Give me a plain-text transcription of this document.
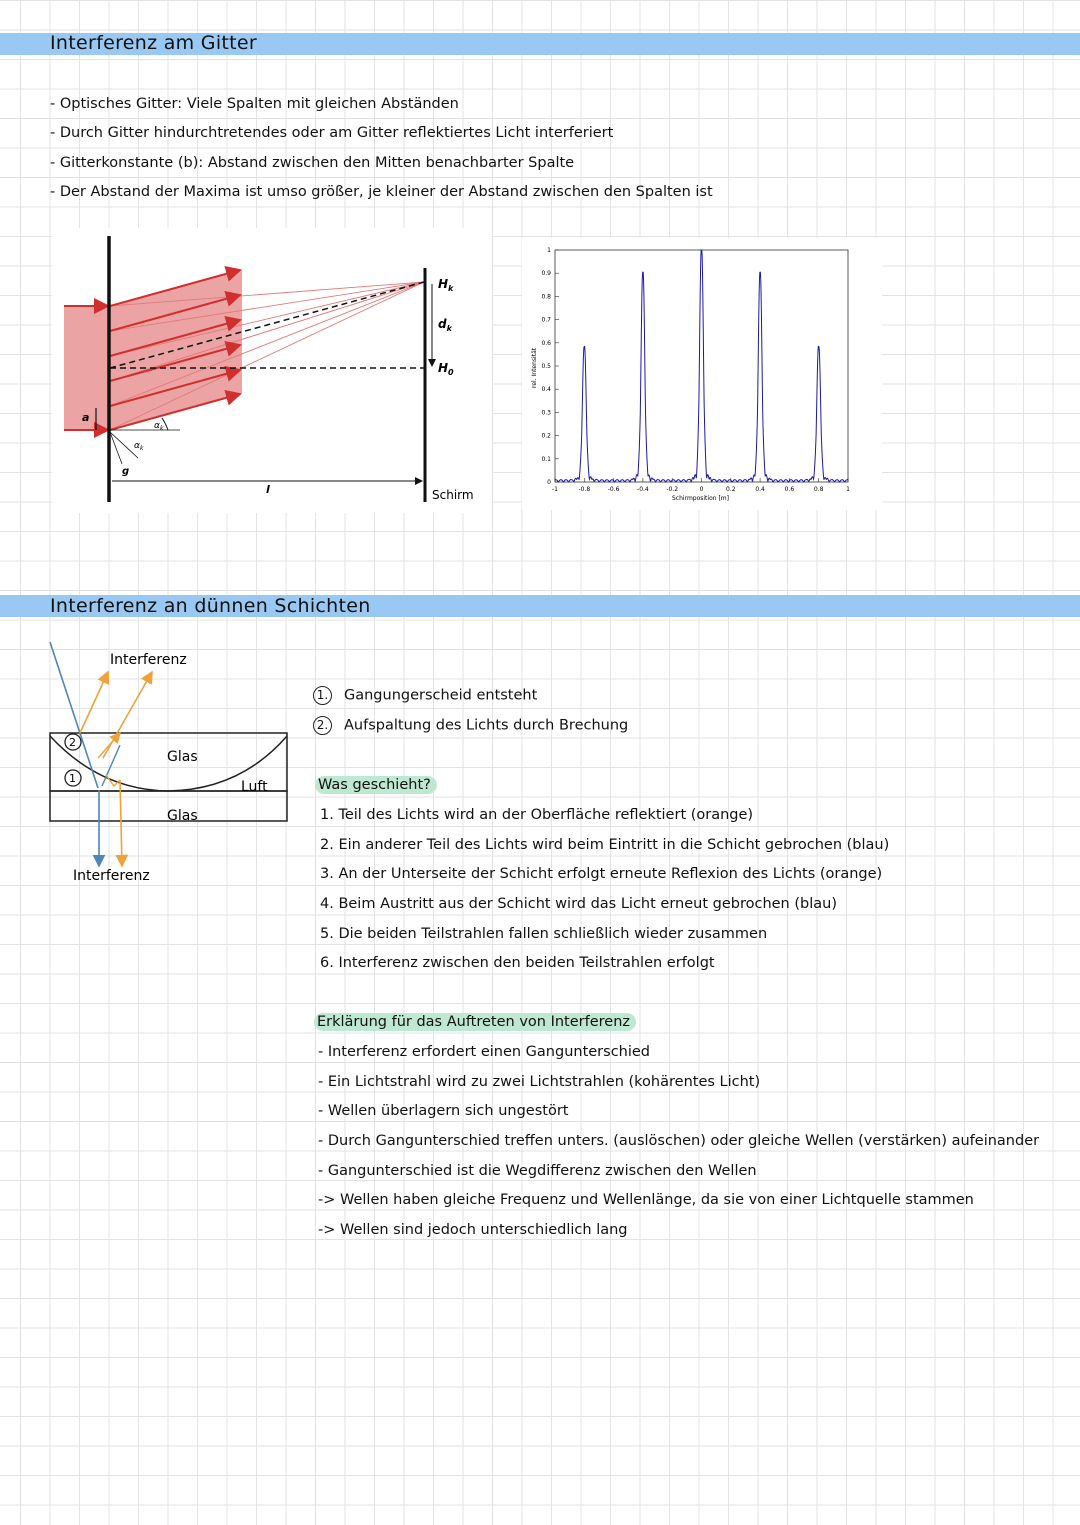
Interferenz am Gitter

- Optisches Gitter: Viele Spalten mit gleichen Abständen

- Durch Gitter hindurchtretendes oder am Gitter reflektiertes Licht interferiert

- Gitterkonstante (b): Abstand zwischen den Mitten benachbarter Spalte

- Der Abstand der Maxima ist umso größer, je kleiner der Abstand zwischen den Spalten ist

$H_k$
$d_k$
$H_0$
a
$\alpha_k$
$\alpha_k$
g
l	Schirm
0
0.1
0.2
0.3
0.4
0.5
0.6
0.7
0.8
0.9
1
-1	-0.8	-0.6	-0.4	-0.2	0	0.2	0.4	0.6	0.8	1
rel. Intensität
Schirmposition [m]
Interferenz an dünnen Schichten
2
1
Interferenz
Glas
Luft
Glas
Interferenz

1. Gangungerscheid entsteht

2. Aufspaltung des Lichts durch Brechung

Was geschieht?

1. Teil des Lichts wird an der Oberfläche reflektiert (orange)

2. Ein anderer Teil des Lichts wird beim Eintritt in die Schicht gebrochen (blau)

3. An der Unterseite der Schicht erfolgt erneute Reflexion des Lichts (orange)

4. Beim Austritt aus der Schicht wird das Licht erneut gebrochen (blau)

5. Die beiden Teilstrahlen fallen schließlich wieder zusammen

6. Interferenz zwischen den beiden Teilstrahlen erfolgt

Erklärung für das Auftreten von Interferenz

- Interferenz erfordert einen Gangunterschied

- Ein Lichtstrahl wird zu zwei Lichtstrahlen (kohärentes Licht)

- Wellen überlagern sich ungestört

- Durch Gangunterschied treffen unters. (auslöschen) oder gleiche Wellen (verstärken) aufeinander

- Gangunterschied ist die Wegdifferenz zwischen den Wellen

-> Wellen haben gleiche Frequenz und Wellenlänge, da sie von einer Lichtquelle stammen

-> Wellen sind jedoch unterschiedlich lang
